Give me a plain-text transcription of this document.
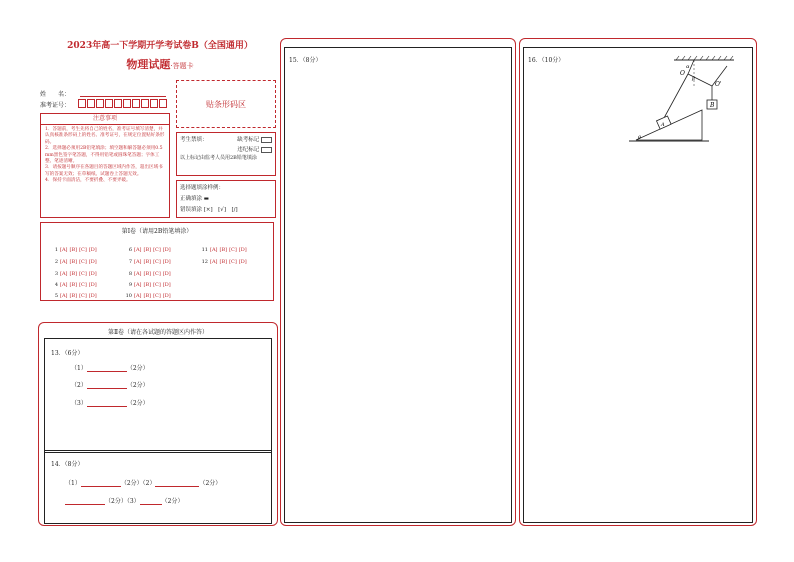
2023年高一下学期开学考试卷B（全国通用）
物理试题·答题卡
姓　　名：
准考证号：	贴条形码区
注意事项
1．答题前，考生先将自己的姓名，准考证号填写清楚，并认真核准条形码上的姓名、准考证号，在规定位置贴好条形码。
2．选择题必须用2B铅笔填涂；填空题和解答题必须用0.5 mm黑色签字笔答题，不得用铅笔或圆珠笔答题；字体工整、笔迹清晰。
3．请按题号顺序在各题目的答题区域内作答，超出区域书写的答案无效；在草稿纸、试题卷上答题无效。
4．保持卡面清洁，不要折叠、不要弄破。
考生禁填：	缺考标记
违纪标记
以上标记由监考人员用2B铅笔填涂
选择题填涂样例：
正确填涂 ▬
错误填涂 [×]　[√]　[/]
第Ⅰ卷（请用2B铅笔填涂）
1 [A] [B] [C] [D]
2 [A] [B] [C] [D]
3 [A] [B] [C] [D]
4 [A] [B] [C] [D]
5 [A] [B] [C] [D]
6 [A] [B] [C] [D]
7 [A] [B] [C] [D]
8 [A] [B] [C] [D]
9 [A] [B] [C] [D]
10 [A] [B] [C] [D]
11 [A] [B] [C] [D]
12 [A] [B] [C] [D]
第Ⅱ卷（请在各试题的答题区内作答）
13．（6分）
（1）	（2分）
（2）	（2分）
（3）	（2分）
14．（8分）
（1）	（2分）（2）	（2分）
（2分）（3）	（2分）
15．（8分）	16．（10分）
O
O'
α
β
A
B
θ
